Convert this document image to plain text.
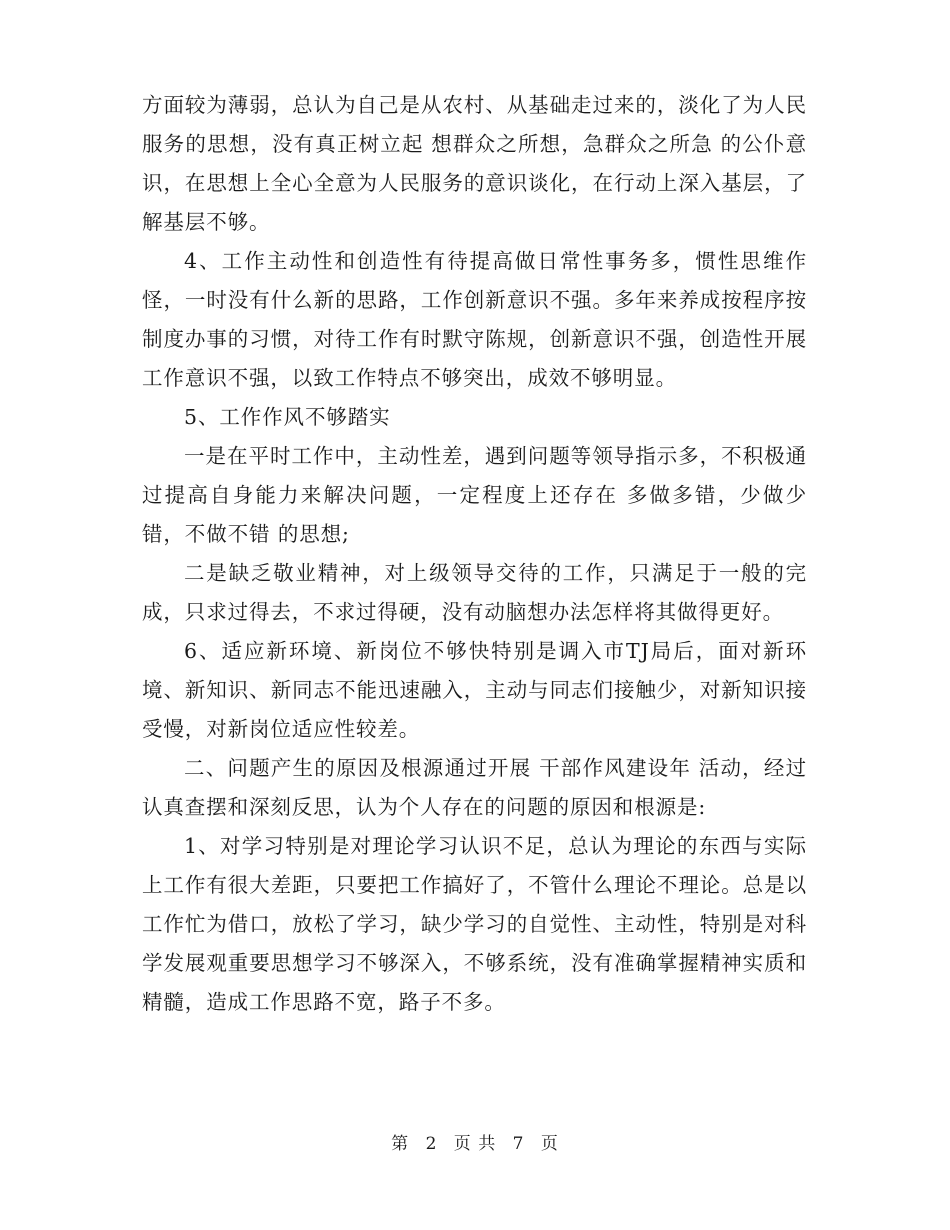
方面较为薄弱，总认为自己是从农村、从基础走过来的，淡化了为人民服务的思想，没有真正树立起 想群众之所想，急群众之所急 的公仆意识，在思想上全心全意为人民服务的意识谈化，在行动上深入基层，了解基层不够。

4、工作主动性和创造性有待提高做日常性事务多，惯性思维作怪，一时没有什么新的思路，工作创新意识不强。多年来养成按程序按制度办事的习惯，对待工作有时默守陈规，创新意识不强，创造性开展工作意识不强，以致工作特点不够突出，成效不够明显。

5、工作作风不够踏实

一是在平时工作中，主动性差，遇到问题等领导指示多，不积极通过提高自身能力来解决问题，一定程度上还存在 多做多错，少做少错，不做不错 的思想;

二是缺乏敬业精神，对上级领导交待的工作，只满足于一般的完成，只求过得去，不求过得硬，没有动脑想办法怎样将其做得更好。

6、适应新环境、新岗位不够快特别是调入市TJ局后，面对新环境、新知识、新同志不能迅速融入，主动与同志们接触少，对新知识接受慢，对新岗位适应性较差。

二、问题产生的原因及根源通过开展 干部作风建设年 活动，经过认真查摆和深刻反思，认为个人存在的问题的原因和根源是:

1、对学习特别是对理论学习认识不足，总认为理论的东西与实际上工作有很大差距，只要把工作搞好了，不管什么理论不理论。总是以工作忙为借口，放松了学习，缺少学习的自觉性、主动性，特别是对科学发展观重要思想学习不够深入，不够系统，没有准确掌握精神实质和精髓，造成工作思路不宽，路子不多。

第 2 页 共 7 页
